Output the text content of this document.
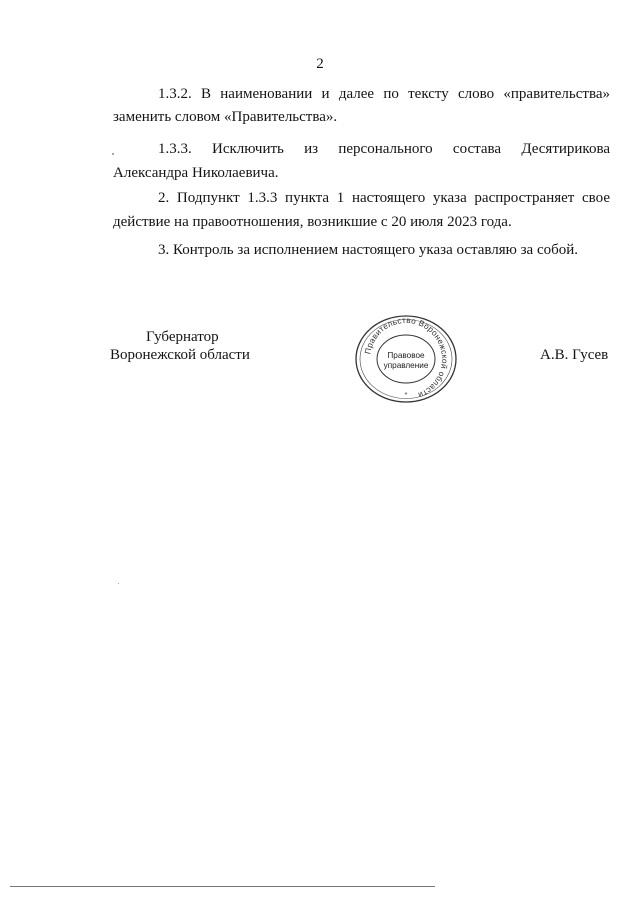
2

1.3.2. В наименовании и далее по тексту слово «правительства»

заменить словом «Правительства».

1.3.3. Исключить из персонального состава Десятирикова

Александра Николаевича.

2. Подпункт 1.3.3 пункта 1 настоящего указа распространяет свое

действие на правоотношения, возникшие с 20 июля 2023 года.

3. Контроль за исполнением настоящего указа оставляю за собой.

Губернатор
Воронежской области	А.В. Гусев
Правительство Воронежской области
Правовое
управление
*
